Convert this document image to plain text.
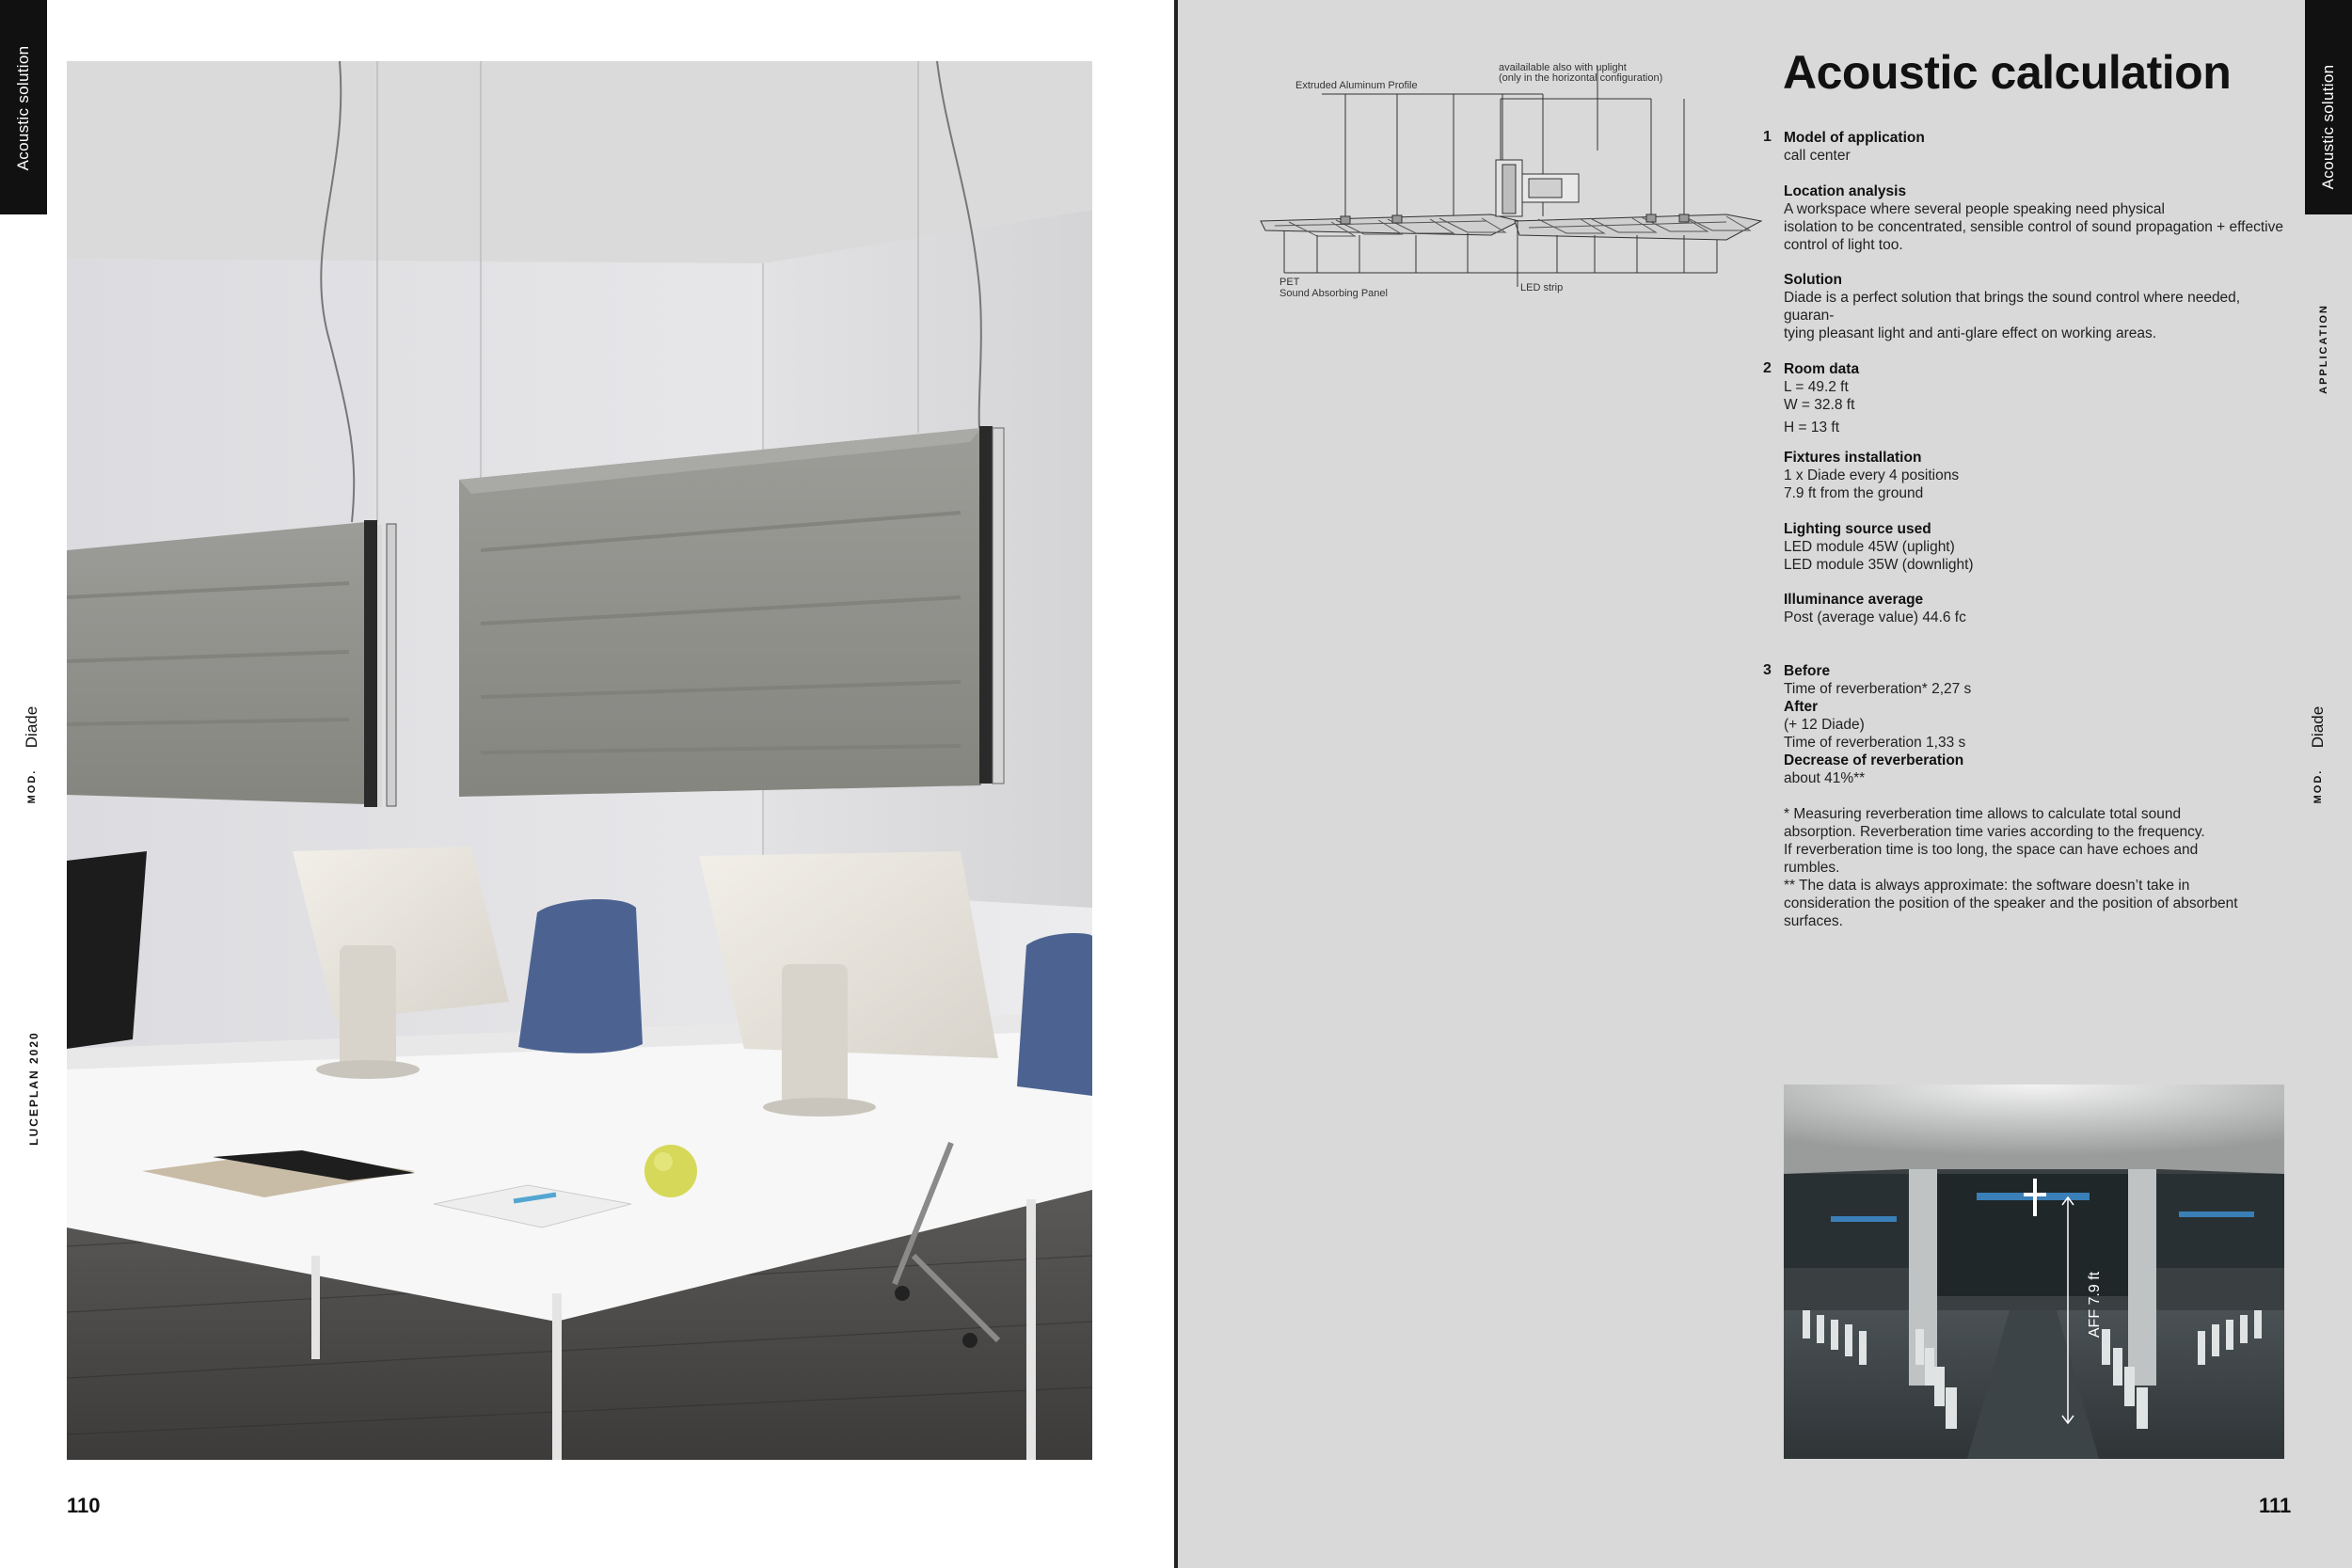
Acoustic solution
MOD.
Diade
LUCEPLAN 2020
110
Acoustic solution
APPLICATION
MOD.
Diade
111
Acoustic calculation
Extruded Aluminum Profile
availailable also with uplight
(only in the horizontal configuration)
PET
Sound Absorbing Panel	LED strip
1 Model of application
call center
Location analysis
A workspace where several people speaking need physical
isolation to be concentrated, sensible control of sound propagation + effective
control of light too.
Solution
Diade is a perfect solution that brings the sound control where needed, guaran-
tying pleasant light and anti-glare effect on working areas.
2 Room data
L = 49.2 ft
W = 32.8 ft
H = 13 ft
Fixtures installation
1 x Diade every 4 positions
7.9 ft from the ground
Lighting source used
LED module 45W (uplight)
LED module 35W (downlight)
Illuminance average
Post (average value) 44.6 fc
3 Before
Time of reverberation* 2,27 s
After
(+ 12 Diade)
Time of reverberation 1,33 s
Decrease of reverberation
about 41%**
* Measuring reverberation time allows to calculate total sound
absorption. Reverberation time varies according to the frequency.
If reverberation time is too long, the space can have echoes and
rumbles.
** The data is always approximate: the software doesn’t take in
consideration the position of the speaker and the position of absorbent
surfaces.
AFF 7.9 ft
